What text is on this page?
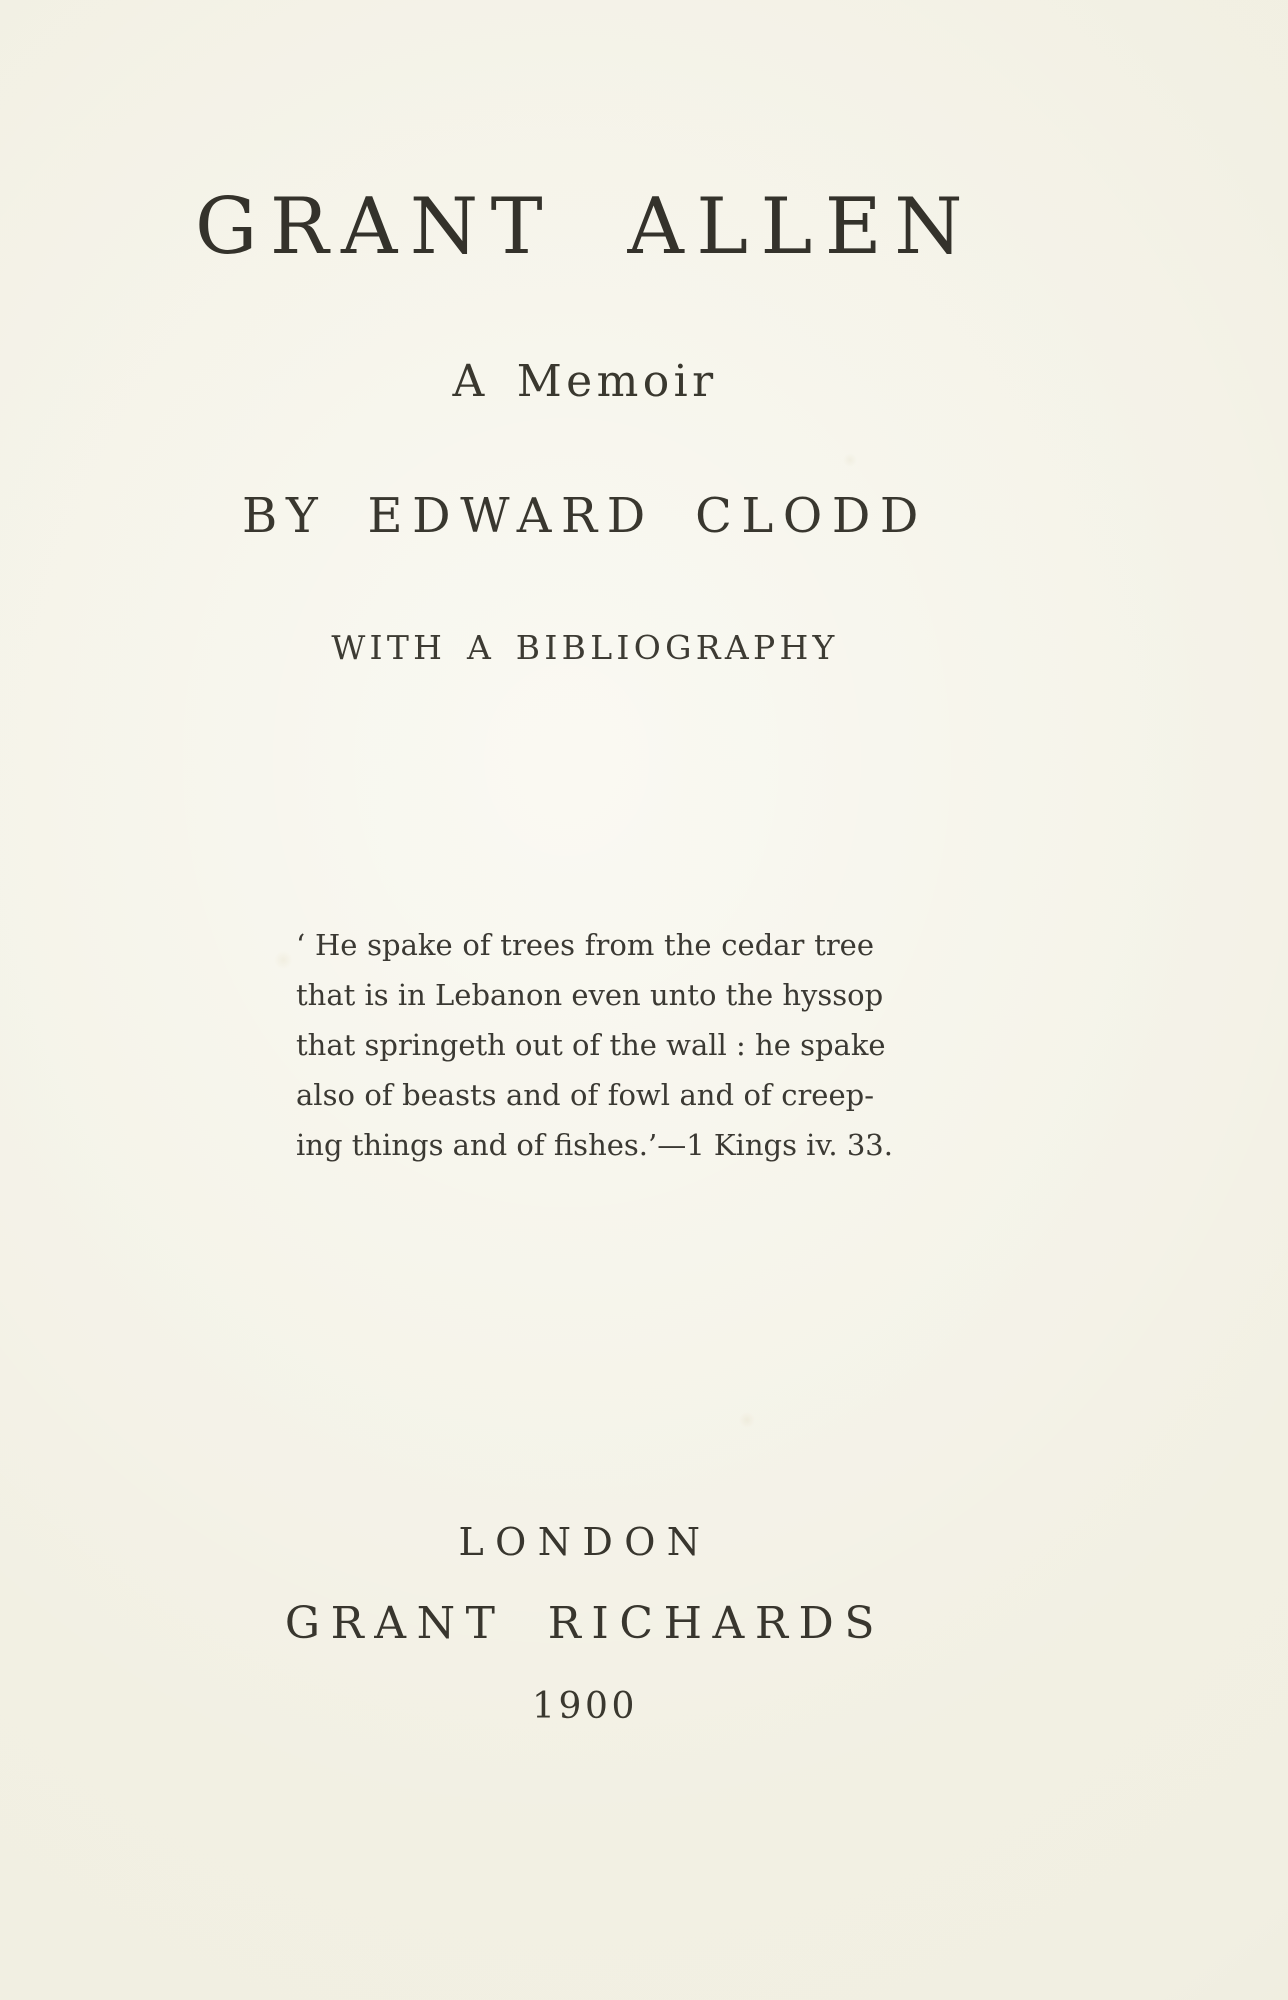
GRANT ALLEN
A Memoir
BY EDWARD CLODD
WITH A BIBLIOGRAPHY
‘ He spake of trees from the cedar tree
that is in Lebanon even unto the hyssop
that springeth out of the wall : he spake
also of beasts and of fowl and of creep-
ing things and of fishes.’—1 Kings iv. 33.
LONDON
GRANT RICHARDS
1900
